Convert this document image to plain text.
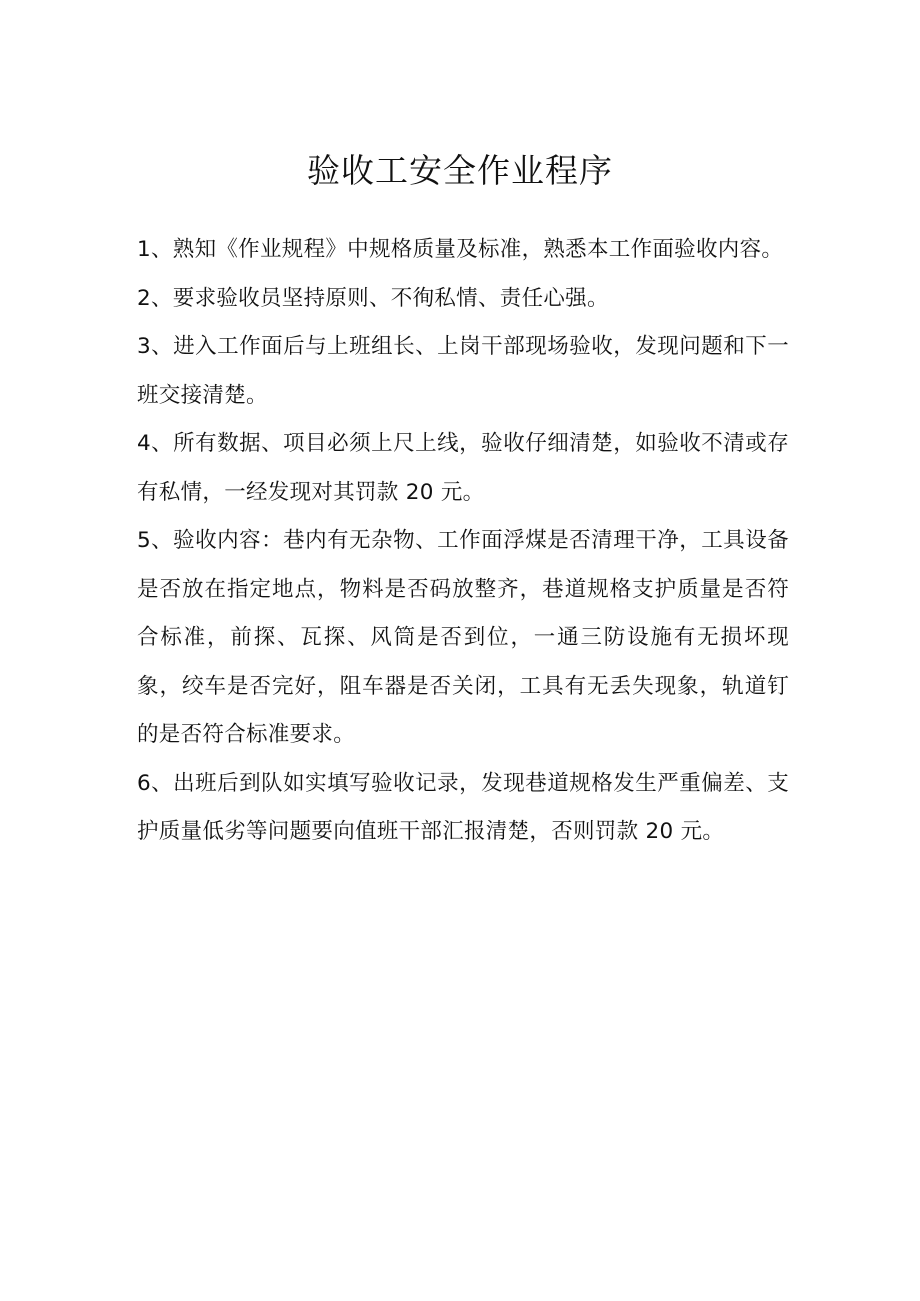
验收工安全作业程序

1、熟知《作业规程》中规格质量及标准，熟悉本工作面验收内容。

2、要求验收员坚持原则、不徇私情、责任心强。

3、进入工作面后与上班组长、上岗干部现场验收，发现问题和下一班交接清楚。

4、所有数据、项目必须上尺上线，验收仔细清楚，如验收不清或存有私情，一经发现对其罚款 20 元。

5、验收内容：巷内有无杂物、工作面浮煤是否清理干净，工具设备是否放在指定地点，物料是否码放整齐，巷道规格支护质量是否符合标准，前探、瓦探、风筒是否到位，一通三防设施有无损坏现象，绞车是否完好，阻车器是否关闭，工具有无丢失现象，轨道钉的是否符合标准要求。

6、出班后到队如实填写验收记录，发现巷道规格发生严重偏差、支护质量低劣等问题要向值班干部汇报清楚，否则罚款 20 元。
